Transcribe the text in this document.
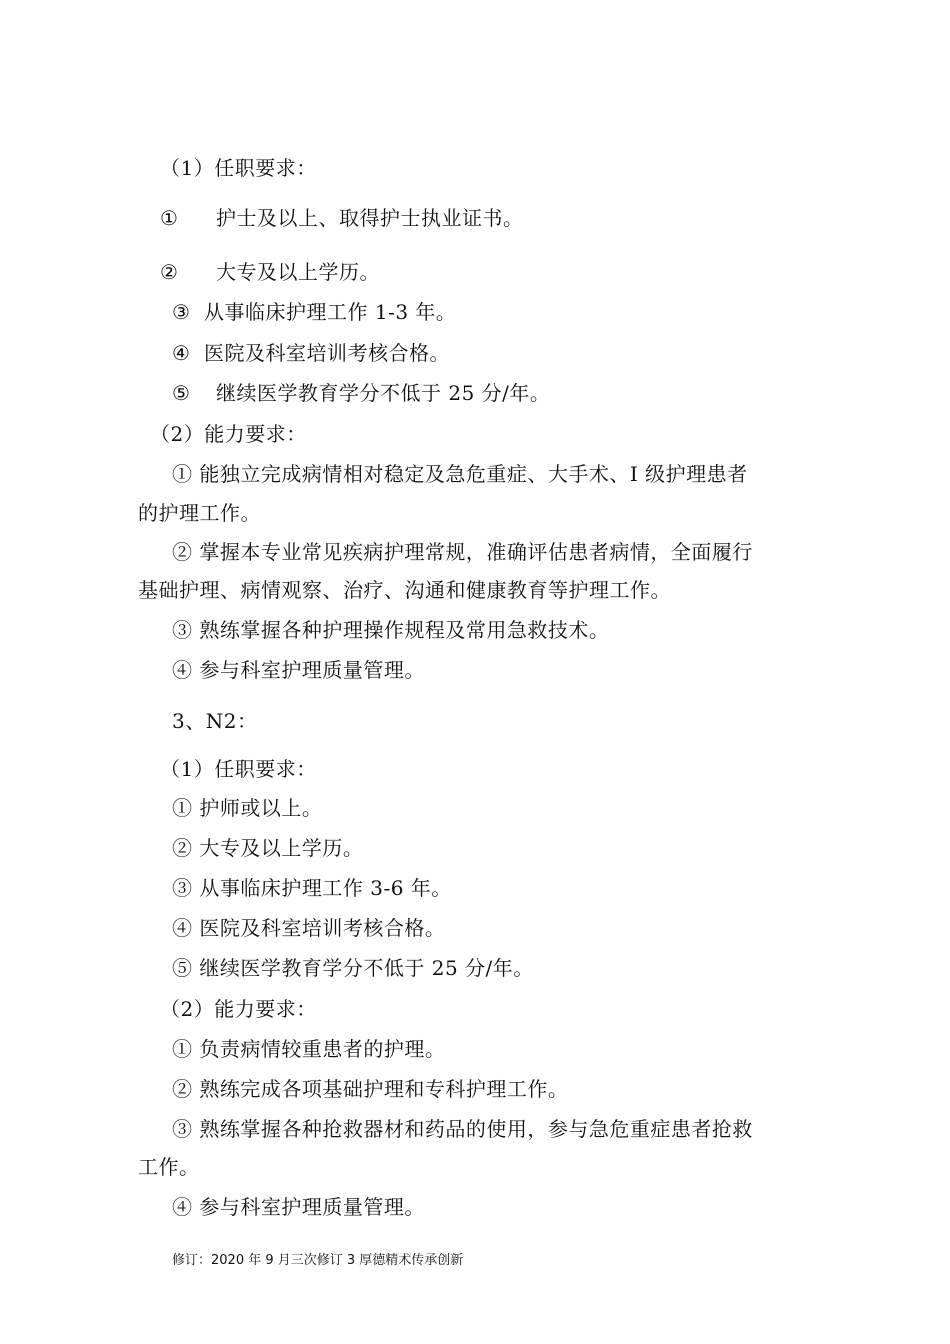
（1）任职要求：
① 护士及以上、取得护士执业证书。
② 大专及以上学历。
③ 从事临床护理工作 1-3 年。
④ 医院及科室培训考核合格。
⑤ 继续医学教育学分不低于 25 分/年。
（2）能力要求：
① 能独立完成病情相对稳定及急危重症、大手术、I 级护理患者
的护理工作。
② 掌握本专业常见疾病护理常规，准确评估患者病情，全面履行
基础护理、病情观察、治疗、沟通和健康教育等护理工作。
③ 熟练掌握各种护理操作规程及常用急救技术。
④ 参与科室护理质量管理。
3、N2：
（1）任职要求：
① 护师或以上。
② 大专及以上学历。
③ 从事临床护理工作 3-6 年。
④ 医院及科室培训考核合格。
⑤ 继续医学教育学分不低于 25 分/年。
（2）能力要求：
① 负责病情较重患者的护理。
② 熟练完成各项基础护理和专科护理工作。
③ 熟练掌握各种抢救器材和药品的使用，参与急危重症患者抢救
工作。
④ 参与科室护理质量管理。
修订：2020 年 9 月三次修订 3 厚德精术传承创新
